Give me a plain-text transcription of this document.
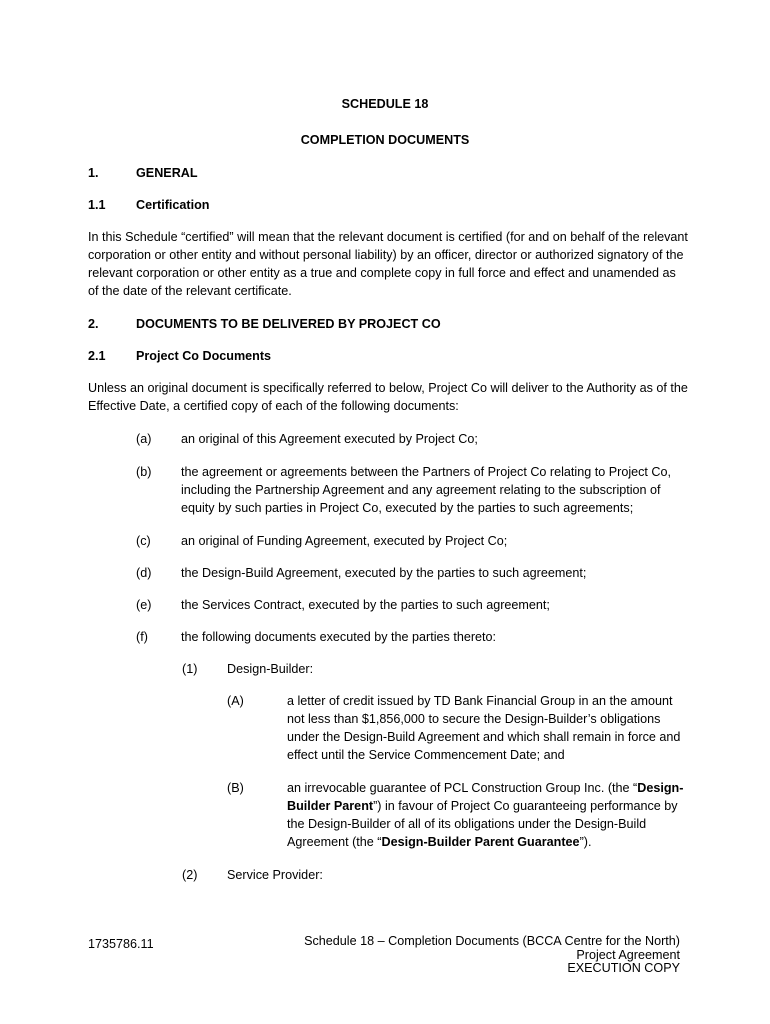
SCHEDULE 18
COMPLETION DOCUMENTS
1.	GENERAL
1.1 Certification
In this Schedule “certified” will mean that the relevant document is certified (for and on behalf of the relevant corporation or other entity and without personal liability) by an officer, director or authorized signatory of the relevant corporation or other entity as a true and complete copy in full force and effect and unamended as of the date of the relevant certificate.
2.	DOCUMENTS TO BE DELIVERED BY PROJECT CO
2.1 Project Co Documents
Unless an original document is specifically referred to below, Project Co will deliver to the Authority as of the Effective Date, a certified copy of each of the following documents:
(a) an original of this Agreement executed by Project Co;
(b) the agreement or agreements between the Partners of Project Co relating to Project Co, including the Partnership Agreement and any agreement relating to the subscription of equity by such parties in Project Co, executed by the parties to such agreements;
(c) an original of Funding Agreement, executed by Project Co;
(d) the Design-Build Agreement, executed by the parties to such agreement;
(e) the Services Contract, executed by the parties to such agreement;
(f)	the following documents executed by the parties thereto:
(1) Design-Builder:
(A)	a letter of credit issued by TD Bank Financial Group in an the amount not less than $1,856,000 to secure the Design-Builder’s obligations under the Design-Build Agreement and which shall remain in force and effect until the Service Commencement Date; and
(B)	an irrevocable guarantee of PCL Construction Group Inc. (the “Design-Builder Parent”) in favour of Project Co guaranteeing performance by the Design-Builder of all of its obligations under the Design-Build Agreement (the “Design-Builder Parent Guarantee”).
(2) Service Provider:
1735786.11	Schedule 18 – Completion Documents (BCCA Centre for the North)
Project Agreement
EXECUTION COPY
